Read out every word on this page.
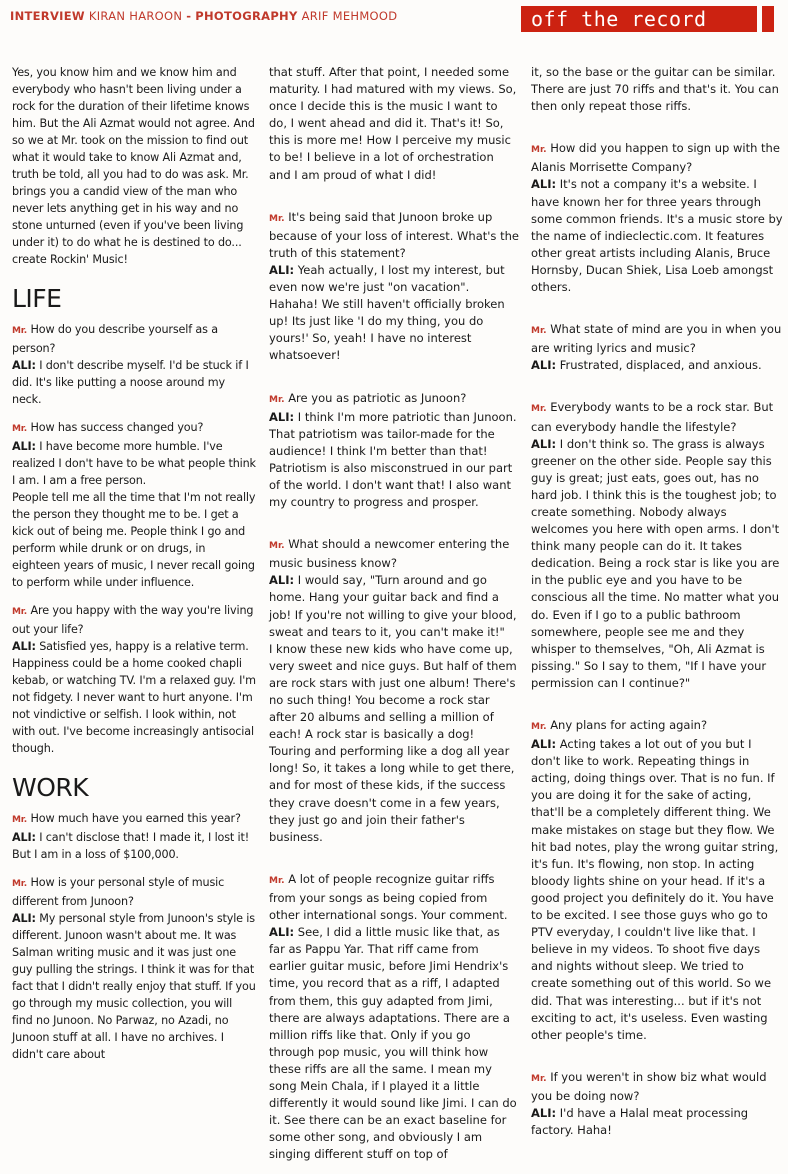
INTERVIEW KIRAN HAROON - PHOTOGRAPHY ARIF MEHMOOD	off the record

Yes, you know him and we know him and everybody who hasn't been living under a rock for the duration of their lifetime knows him. But the Ali Azmat would not agree. And so we at Mr. took on the mission to find out what it would take to know Ali Azmat and, truth be told, all you had to do was ask. Mr. brings you a candid view of the man who never lets anything get in his way and no stone unturned (even if you've been living under it) to do what he is destined to do... create Rockin' Music!

LIFE

Mr. How do you describe yourself as a person?
ALI: I don't describe myself. I'd be stuck if I did. It's like putting a noose around my neck.

Mr. How has success changed you?
ALI: I have become more humble. I've realized I don't have to be what people think I am. I am a free person.
People tell me all the time that I'm not really the person they thought me to be. I get a kick out of being me. People think I go and perform while drunk or on drugs, in eighteen years of music, I never recall going to perform while under influence.

Mr. Are you happy with the way you're living out your life?
ALI: Satisfied yes, happy is a relative term. Happiness could be a home cooked chapli kebab, or watching TV. I'm a relaxed guy. I'm not fidgety. I never want to hurt anyone. I'm not vindictive or selfish. I look within, not with out. I've become increasingly antisocial though.

WORK

Mr. How much have you earned this year?
ALI: I can't disclose that! I made it, I lost it! But I am in a loss of $100,000.

Mr. How is your personal style of music different from Junoon?
ALI: My personal style from Junoon's style is different. Junoon wasn't about me. It was Salman writing music and it was just one guy pulling the strings. I think it was for that fact that I didn't really enjoy that stuff. If you go through my music collection, you will find no Junoon. No Parwaz, no Azadi, no Junoon stuff at all. I have no archives. I didn't care about

that stuff. After that point, I needed some maturity. I had matured with my views. So, once I decide this is the music I want to do, I went ahead and did it. That's it! So, this is more me! How I perceive my music to be! I believe in a lot of orchestration and I am proud of what I did!

Mr. It's being said that Junoon broke up because of your loss of interest. What's the truth of this statement?
ALI: Yeah actually, I lost my interest, but even now we're just "on vacation". Hahaha! We still haven't officially broken up! Its just like 'I do my thing, you do yours!' So, yeah! I have no interest whatsoever!

Mr. Are you as patriotic as Junoon?
ALI: I think I'm more patriotic than Junoon. That patriotism was tailor-made for the audience! I think I'm better than that! Patriotism is also misconstrued in our part of the world. I don't want that! I also want my country to progress and prosper.

Mr. What should a newcomer entering the music business know?
ALI: I would say, "Turn around and go home. Hang your guitar back and find a job! If you're not willing to give your blood, sweat and tears to it, you can't make it!"
I know these new kids who have come up, very sweet and nice guys. But half of them are rock stars with just one album! There's no such thing! You become a rock star after 20 albums and selling a million of each! A rock star is basically a dog! Touring and performing like a dog all year long! So, it takes a long while to get there, and for most of these kids, if the success they crave doesn't come in a few years, they just go and join their father's business.

Mr. A lot of people recognize guitar riffs from your songs as being copied from other international songs. Your comment.
ALI: See, I did a little music like that, as far as Pappu Yar. That riff came from earlier guitar music, before Jimi Hendrix's time, you record that as a riff, I adapted from them, this guy adapted from Jimi, there are always adaptations. There are a million riffs like that. Only if you go through pop music, you will think how these riffs are all the same. I mean my song Mein Chala, if I played it a little differently it would sound like Jimi. I can do it. See there can be an exact baseline for some other song, and obviously I am singing different stuff on top of

it, so the base or the guitar can be similar. There are just 70 riffs and that's it. You can then only repeat those riffs.

Mr. How did you happen to sign up with the Alanis Morrisette Company?
ALI: It's not a company it's a website. I have known her for three years through some common friends. It's a music store by the name of indieclectic.com. It features other great artists including Alanis, Bruce Hornsby, Ducan Shiek, Lisa Loeb amongst others.

Mr. What state of mind are you in when you are writing lyrics and music?
ALI: Frustrated, displaced, and anxious.

Mr. Everybody wants to be a rock star. But can everybody handle the lifestyle?
ALI: I don't think so. The grass is always greener on the other side. People say this guy is great; just eats, goes out, has no hard job. I think this is the toughest job; to create something. Nobody always welcomes you here with open arms. I don't think many people can do it. It takes dedication. Being a rock star is like you are in the public eye and you have to be conscious all the time. No matter what you do. Even if I go to a public bathroom somewhere, people see me and they whisper to themselves, "Oh, Ali Azmat is pissing." So I say to them, "If I have your permission can I continue?"

Mr. Any plans for acting again?
ALI: Acting takes a lot out of you but I don't like to work. Repeating things in acting, doing things over. That is no fun. If you are doing it for the sake of acting, that'll be a completely different thing. We make mistakes on stage but they flow. We hit bad notes, play the wrong guitar string, it's fun. It's flowing, non stop. In acting bloody lights shine on your head. If it's a good project you definitely do it. You have to be excited. I see those guys who go to PTV everyday, I couldn't live like that. I believe in my videos. To shoot five days and nights without sleep. We tried to create something out of this world. So we did. That was interesting... but if it's not exciting to act, it's useless. Even wasting other people's time.

Mr. If you weren't in show biz what would you be doing now?
ALI: I'd have a Halal meat processing factory. Haha!
